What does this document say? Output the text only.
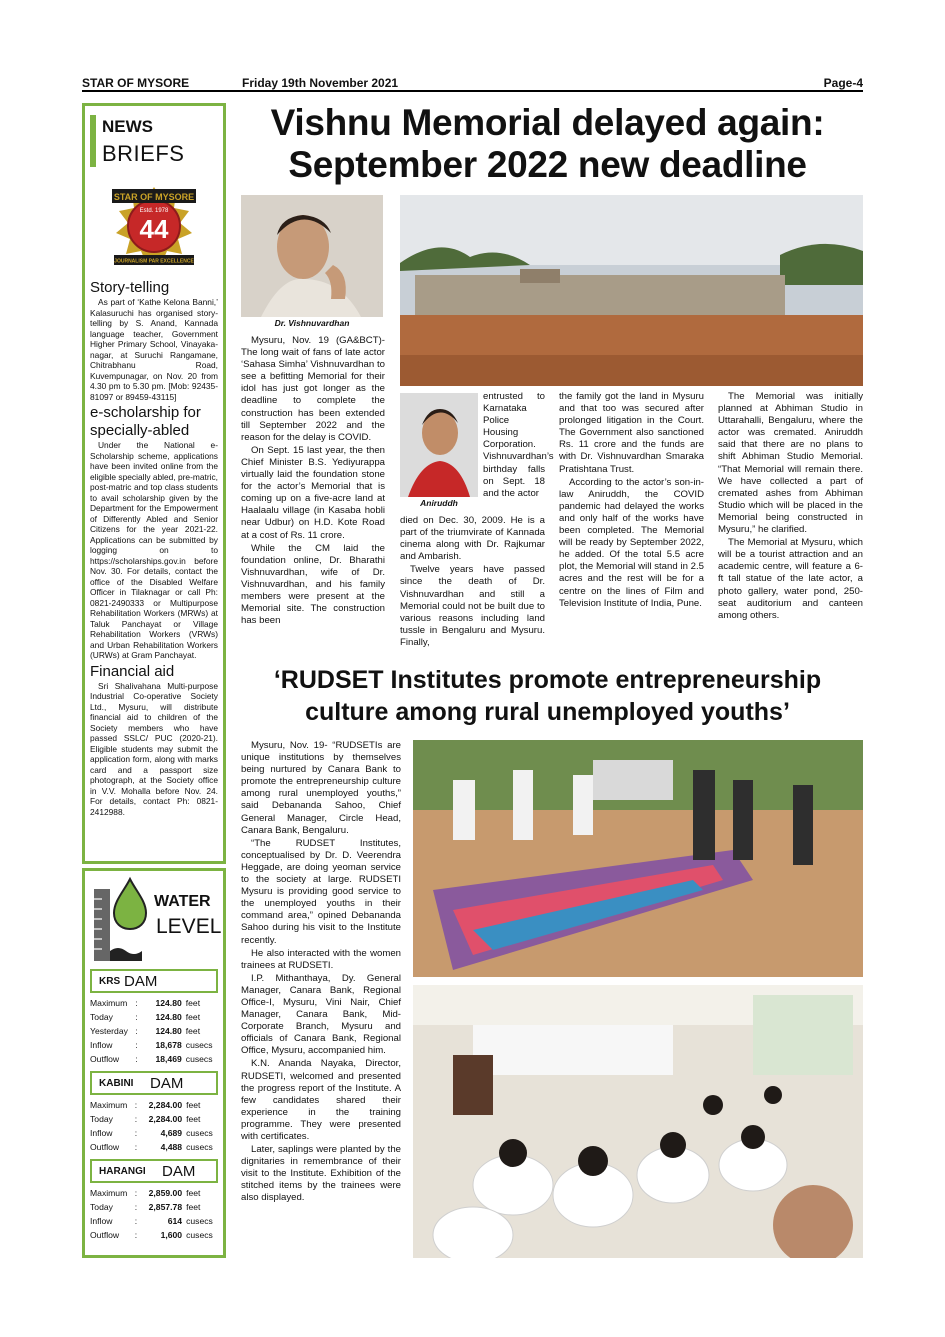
STAR OF MYSORE	Friday 19th November 2021	Page-4
NEWS
BRIEFS
STAR OF MYSORE
Estd. 1978
44
JOURNALISM PAR EXCELLENCE
Story-telling
As part of ‘Kathe Kelona Banni,’ Kalasuruchi has organised story-telling by S. Anand, Kannada language teacher, Government Higher Primary School, Vinayaka-nagar, at Suruchi Rangamane, Chitrabhanu Road, Kuvempunagar, on Nov. 20 from 4.30 pm to 5.30 pm. [Mob: 92435-81097 or 89459-43115]
e-scholarship for specially-abled
Under the National e-Scholarship scheme, applications have been invited online from the eligible specially abled, pre-matric, post-matric and top class students to avail scholarship given by the Department for the Empowerment of Differently Abled and Senior Citizens for the year 2021-22. Applications can be submitted by logging on to https://scholarships.gov.in before Nov. 30. For details, contact the office of the Disabled Welfare Officer in Tilaknagar or call Ph: 0821-2490333 or Multipurpose Rehabilitation Workers (MRWs) at Taluk Panchayat or Village Rehabilitation Workers (VRWs) and Urban Rehabilitation Workers (URWs) at Gram Panchayat.
Financial aid
Sri Shalivahana Multi-purpose Industrial Co-operative Society Ltd., Mysuru, will distribute financial aid to children of the Society members who have passed SSLC/ PUC (2020-21). Eligible students may submit the application form, along with marks card and a passport size photograph, at the Society office in V.V. Mohalla before Nov. 24. For details, contact Ph: 0821-2412988.
WATER
LEVEL
KRS DAM
Maximum	:	124.80	feet
Today	:	124.80	feet
Yesterday	:	124.80	feet
Inflow	:	18,678	cusecs
Outflow	:	18,469	cusecs
KABINI DAM
Maximum	:	2,284.00	feet
Today	:	2,284.00	feet
Inflow	:	4,689	cusecs
Outflow	:	4,488	cusecs
HARANGI DAM
Maximum	:	2,859.00	feet
Today	:	2,857.78	feet
Inflow	:	614	cusecs
Outflow	:	1,600	cusecs
Vishnu Memorial delayed again: September 2022 new deadline
Dr. Vishnuvardhan

Mysuru, Nov. 19 (GA&BCT)- The long wait of fans of late actor ‘Sahasa Simha’ Vishnuvardhan to see a befitting Memorial for their idol has just got longer as the deadline to complete the construction has been extended till September 2022 and the reason for the delay is COVID.

On Sept. 15 last year, the then Chief Minister B.S. Yediyurappa virtually laid the foundation stone for the actor’s Memorial that is coming up on a five-acre land at Haalaalu village (in Kasaba hobli near Udbur) on H.D. Kote Road at a cost of Rs. 11 crore.

While the CM laid the foundation online, Dr. Bharathi Vishnuvardhan, wife of Dr. Vishnuvardhan, and his family members were present at the Memorial site. The construction has been

Aniruddh

entrusted to Karnataka Police Housing Corporation. Vishnuvardhan’s birthday falls on Sept. 18 and the actor

died on Dec. 30, 2009. He is a part of the triumvirate of Kannada cinema along with Dr. Rajkumar and Ambarish.

Twelve years have passed since the death of Dr. Vishnuvardhan and still a Memorial could not be built due to various reasons including land tussle in Bengaluru and Mysuru. Finally,

the family got the land in Mysuru and that too was secured after prolonged litigation in the Court. The Government also sanctioned Rs. 11 crore and the funds are with Dr. Vishnuvardhan Smaraka Pratishtana Trust.

According to the actor’s son-in-law Aniruddh, the COVID pandemic had delayed the works and only half of the works have been completed. The Memorial will be ready by September 2022, he added. Of the total 5.5 acre plot, the Memorial will stand in 2.5 acres and the rest will be for a centre on the lines of Film and Television Institute of India, Pune.

The Memorial was initially planned at Abhiman Studio in Uttarahalli, Bengaluru, where the actor was cremated. Aniruddh said that there are no plans to shift Abhiman Studio Memorial. “That Memorial will remain there. We have collected a part of cremated ashes from Abhiman Studio which will be placed in the Memorial being constructed in Mysuru,” he clarified.

The Memorial at Mysuru, which will be a tourist attraction and an academic centre, will feature a 6-ft tall statue of the late actor, a photo gallery, water pond, 250-seat auditorium and canteen among others.

‘RUDSET Institutes promote entrepreneurship culture among rural unemployed youths’

Mysuru, Nov. 19- “RUDSETIs are unique institutions by themselves being nurtured by Canara Bank to promote the entrepreneurship culture among rural unemployed youths,” said Debananda Sahoo, Chief General Manager, Circle Head, Canara Bank, Bengaluru.

“The RUDSET Institutes, conceptualised by Dr. D. Veerendra Heggade, are doing yeoman service to the society at large. RUDSETI Mysuru is providing good service to the unemployed youths in their command area,” opined Debananda Sahoo during his visit to the Institute recently.

He also interacted with the women trainees at RUDSETI.

I.P. Mithanthaya, Dy. General Manager, Canara Bank, Regional Office-I, Mysuru, Vini Nair, Chief Manager, Canara Bank, Mid-Corporate Branch, Mysuru and officials of Canara Bank, Regional Office, Mysuru, accompanied him.

K.N. Ananda Nayaka, Director, RUDSETI, welcomed and presented the progress report of the Institute. A few candidates shared their experience in the training programme. They were presented with certificates.

Later, saplings were planted by the dignitaries in remembrance of their visit to the Institute. Exhibition of the stitched items by the trainees were also displayed.
